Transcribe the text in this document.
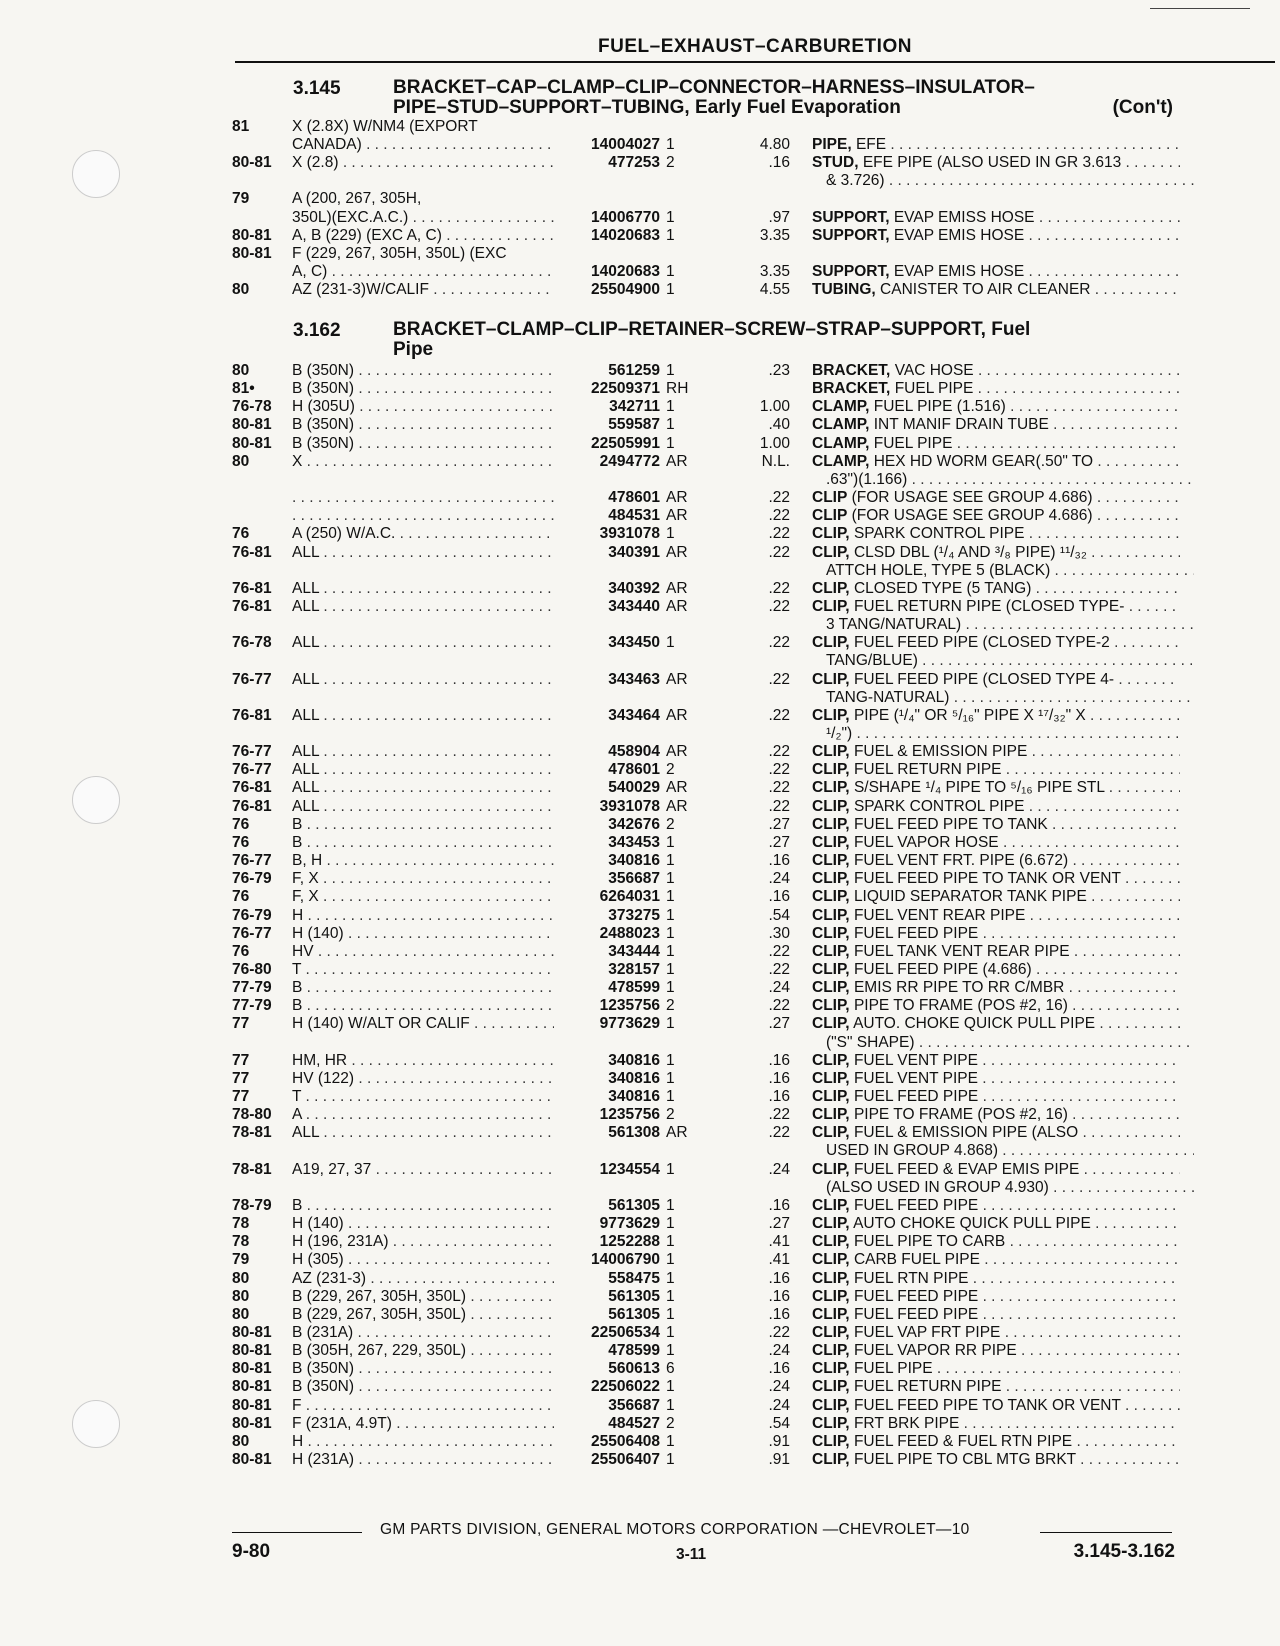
FUEL–EXHAUST–CARBURETION
3.145	BRACKET–CAP–CLAMP–CLIP–CONNECTOR–HARNESS–INSULATOR–
PIPE–STUD–SUPPORT–TUBING, Early Fuel Evaporation	(Con't)
81	X (2.8X) W/NM4 (EXPORT
CANADA) . . .	14004027 1	4.80 PIPE, EFE . . .
80-81	X (2.8) . . .	477253 2	.16 STUD, EFE PIPE (ALSO USED IN GR 3.613 . . .
& 3.726) . . .
79	A (200, 267, 305H,
350L)(EXC.A.C.) . . .	14006770 1	.97 SUPPORT, EVAP EMISS HOSE . . .
80-81	A, B (229) (EXC A, C) . . .	14020683 1	3.35 SUPPORT, EVAP EMIS HOSE . . .
80-81	F (229, 267, 305H, 350L) (EXC
A, C) . . .	14020683 1	3.35 SUPPORT, EVAP EMIS HOSE . . .
80	AZ (231-3)W/CALIF . . .	25504900 1	4.55 TUBING, CANISTER TO AIR CLEANER . . .
3.162	BRACKET–CLAMP–CLIP–RETAINER–SCREW–STRAP–SUPPORT, Fuel
Pipe
80	B (350N) . . .	561259 1	.23 BRACKET, VAC HOSE . . .
81•	B (350N) . . .	22509371 RH	BRACKET, FUEL PIPE . . .
76-78	H (305U) . . .	342711 1	1.00 CLAMP, FUEL PIPE (1.516) . . .
80-81	B (350N) . . .	559587 1	.40 CLAMP, INT MANIF DRAIN TUBE . . .
80-81	B (350N) . . .	22505991 1	1.00 CLAMP, FUEL PIPE . . .
80	X . . .	2494772 AR	N.L. CLAMP, HEX HD WORM GEAR(.50" TO . . .
.63")(1.166) . . .
. . .
478601 AR	.22 CLIP (FOR USAGE SEE GROUP 4.686) . . .
. . .
484531 AR	.22 CLIP (FOR USAGE SEE GROUP 4.686) . . .
76	A (250) W/A.C. . . .	3931078 1	.22 CLIP, SPARK CONTROL PIPE . . .
76-81	ALL . . .	340391 AR	.22 CLIP, CLSD DBL (¹/₄ AND ³/₈ PIPE) ¹¹/₃₂ . . .
ATTCH HOLE, TYPE 5 (BLACK) . . .
76-81	ALL . . .	340392 AR	.22 CLIP, CLOSED TYPE (5 TANG) . . .
76-81	ALL . . .	343440 AR	.22 CLIP, FUEL RETURN PIPE (CLOSED TYPE- . . .
3 TANG/NATURAL) . . .
76-78	ALL . . .	343450 1	.22 CLIP, FUEL FEED PIPE (CLOSED TYPE-2 . . .
TANG/BLUE) . . .
76-77	ALL . . .	343463 AR	.22 CLIP, FUEL FEED PIPE (CLOSED TYPE 4- . . .
TANG-NATURAL) . . .
76-81	ALL . . .	343464 AR	.22 CLIP, PIPE (¹/₄" OR ⁵/₁₆" PIPE X ¹⁷/₃₂" X . . .
¹/₂") . . .
76-77	ALL . . .	458904 AR	.22 CLIP, FUEL & EMISSION PIPE . . .
76-77	ALL . . .	478601 2	.22 CLIP, FUEL RETURN PIPE . . .
76-81	ALL . . .	540029 AR	.22 CLIP, S/SHAPE ¹/₄ PIPE TO ⁵/₁₆ PIPE STL . . .
76-81	ALL . . .	3931078 AR	.22 CLIP, SPARK CONTROL PIPE . . .
76	B . . .	342676 2	.27 CLIP, FUEL FEED PIPE TO TANK . . .
76	B . . .	343453 1	.27 CLIP, FUEL VAPOR HOSE . . .
76-77	B, H . . .	340816 1	.16 CLIP, FUEL VENT FRT. PIPE (6.672) . . .
76-79	F, X . . .	356687 1	.24 CLIP, FUEL FEED PIPE TO TANK OR VENT . . .
76	F, X . . .	6264031 1	.16 CLIP, LIQUID SEPARATOR TANK PIPE . . .
76-79	H . . .	373275 1	.54 CLIP, FUEL VENT REAR PIPE . . .
76-77	H (140) . . .	2488023 1	.30 CLIP, FUEL FEED PIPE . . .
76	HV . . .	343444 1	.22 CLIP, FUEL TANK VENT REAR PIPE . . .
76-80	T . . .	328157 1	.22 CLIP, FUEL FEED PIPE (4.686) . . .
77-79	B . . .	478599 1	.24 CLIP, EMIS RR PIPE TO RR C/MBR . . .
77-79	B . . .	1235756 2	.22 CLIP, PIPE TO FRAME (POS #2, 16) . . .
77	H (140) W/ALT OR CALIF . . .	9773629 1	.27 CLIP, AUTO. CHOKE QUICK PULL PIPE . . .
("S" SHAPE) . . .
77	HM, HR . . .	340816 1	.16 CLIP, FUEL VENT PIPE . . .
77	HV (122) . . .	340816 1	.16 CLIP, FUEL VENT PIPE . . .
77	T . . .	340816 1	.16 CLIP, FUEL FEED PIPE . . .
78-80	A . . .	1235756 2	.22 CLIP, PIPE TO FRAME (POS #2, 16) . . .
78-81	ALL . . .	561308 AR	.22 CLIP, FUEL & EMISSION PIPE (ALSO . . .
USED IN GROUP 4.868) . . .
78-81	A19, 27, 37 . . .	1234554 1	.24 CLIP, FUEL FEED & EVAP EMIS PIPE . . .
(ALSO USED IN GROUP 4.930) . . .
78-79	B . . .	561305 1	.16 CLIP, FUEL FEED PIPE . . .
78	H (140) . . .	9773629 1	.27 CLIP, AUTO CHOKE QUICK PULL PIPE . . .
78	H (196, 231A) . . .	1252288 1	.41 CLIP, FUEL PIPE TO CARB . . .
79	H (305) . . .	14006790 1	.41 CLIP, CARB FUEL PIPE . . .
80	AZ (231-3) . . .	558475 1	.16 CLIP, FUEL RTN PIPE . . .
80	B (229, 267, 305H, 350L) . . .	561305 1	.16 CLIP, FUEL FEED PIPE . . .
80	B (229, 267, 305H, 350L) . . .	561305 1	.16 CLIP, FUEL FEED PIPE . . .
80-81	B (231A) . . .	22506534 1	.22 CLIP, FUEL VAP FRT PIPE . . .
80-81	B (305H, 267, 229, 350L) . . .	478599 1	.24 CLIP, FUEL VAPOR RR PIPE . . .
80-81	B (350N) . . .	560613 6	.16 CLIP, FUEL PIPE . . .
80-81	B (350N) . . .	22506022 1	.24 CLIP, FUEL RETURN PIPE . . .
80-81	F . . .	356687 1	.24 CLIP, FUEL FEED PIPE TO TANK OR VENT . . .
80-81	F (231A, 4.9T) . . .	484527 2	.54 CLIP, FRT BRK PIPE . . .
80	H . . .	25506408 1	.91 CLIP, FUEL FEED & FUEL RTN PIPE . . .
80-81	H (231A) . . .	25506407 1	.91 CLIP, FUEL PIPE TO CBL MTG BRKT . . .
GM PARTS DIVISION, GENERAL MOTORS CORPORATION —CHEVROLET—10
9-80	3-11	3.145-3.162
